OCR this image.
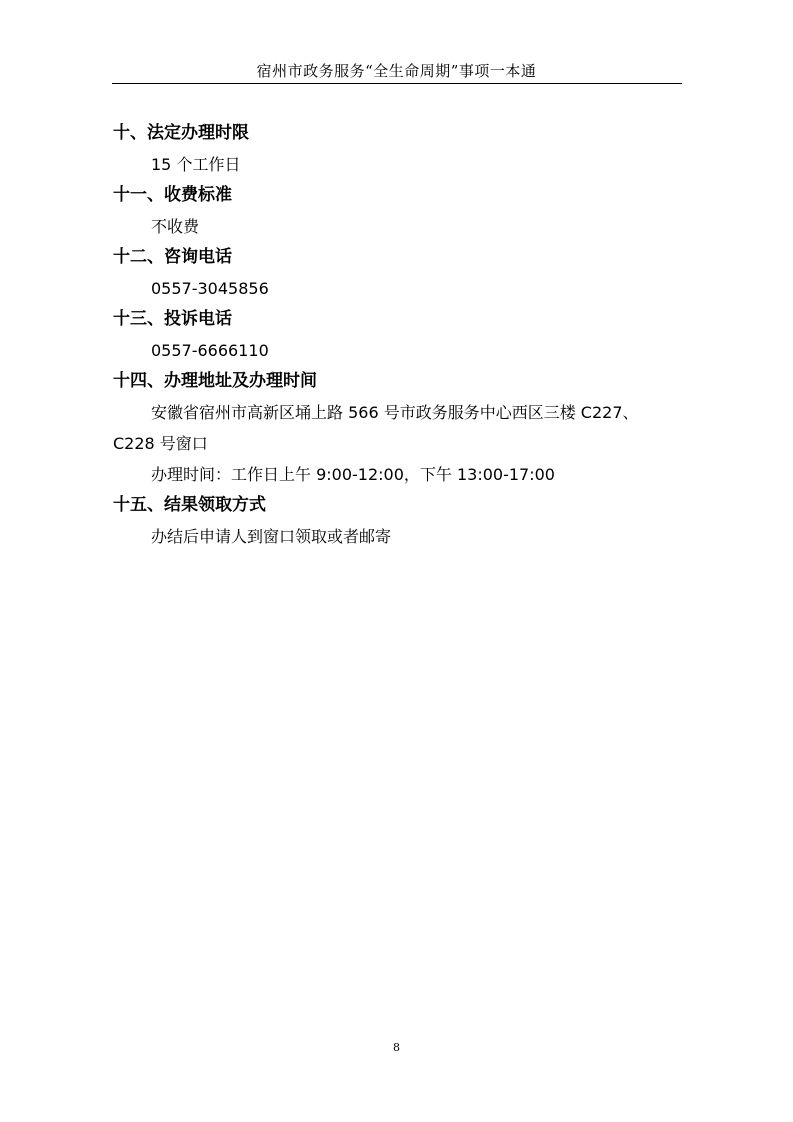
宿州市政务服务“全生命周期”事项一本通
十、法定办理时限
15 个工作日
十一、收费标准
不收费
十二、咨询电话
0557-3045856
十三、投诉电话
0557-6666110
十四、办理地址及办理时间
安徽省宿州市高新区埇上路 566 号市政务服务中心西区三楼 C227、
C228 号窗口
办理时间：工作日上午 9:00-12:00，下午 13:00-17:00
十五、结果领取方式
办结后申请人到窗口领取或者邮寄
8
